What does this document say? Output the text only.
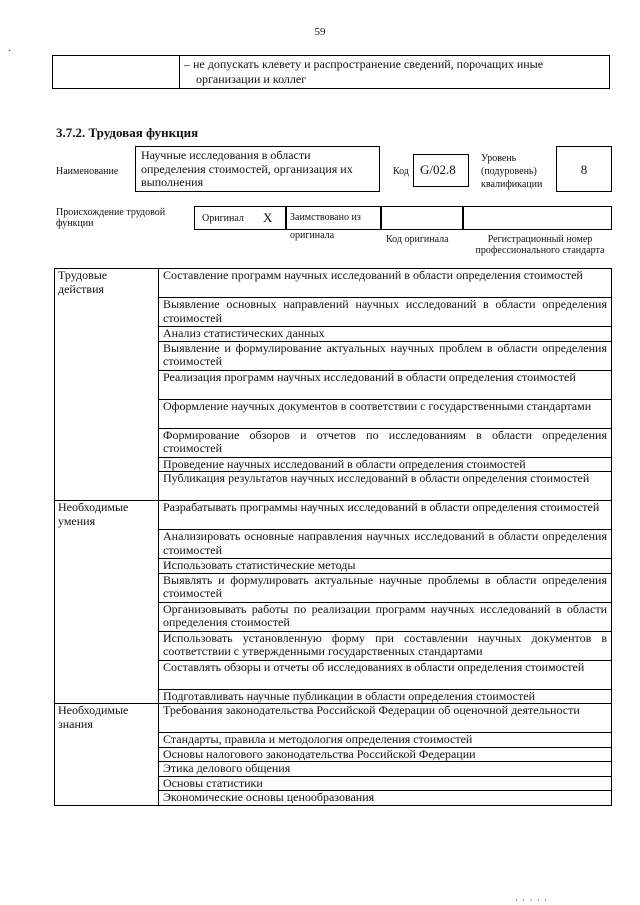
59
·

– не допускать клевету и распространение сведений, порочащих иные
организации и коллег
3.7.2. Трудовая функция
Наименование
Научные исследования в области определения стоимостей, организация их выполнения
Код G/02.8
Уровень (подуровень) квалификации
8
Происхождение трудовой функции	Оригинал X	Заимствовано из оригинала	Код оригинала	Регистрационный номер профессионального стандарта
Трудовые действия	Составление программ научных исследований в области определения стоимостей
	Выявление основных направлений научных исследований в области определения стоимостей
	Анализ статистических данных
	Выявление и формулирование актуальных научных проблем в области определения стоимостей
	Реализация программ научных исследований в области определения стоимостей
	Оформление научных документов в соответствии с государственными стандартами
	Формирование обзоров и отчетов по исследованиям в области определения стоимостей
	Проведение научных исследований в области определения стоимостей
	Публикация результатов научных исследований в области определения стоимостей
Необходимые умения	Разрабатывать программы научных исследований в области определения стоимостей
	Анализировать основные направления научных исследований в области определения стоимостей
	Использовать статистические методы
	Выявлять и формулировать актуальные научные проблемы в области определения стоимостей
	Организовывать работы по реализации программ научных исследований в области определения стоимостей
	Использовать установленную форму при составлении научных документов в соответствии с утвержденными государственных стандартами
	Составлять обзоры и отчеты об исследованиях в области определения стоимостей
	Подготавливать научные публикации в области определения стоимостей
Необходимые знания	Требования законодательства Российской Федерации об оценочной деятельности
	Стандарты, правила и методология определения стоимостей
	Основы налогового законодательства Российской Федерации
	Этика делового общения
	Основы статистики
	Экономические основы ценообразования
· · · · ·
